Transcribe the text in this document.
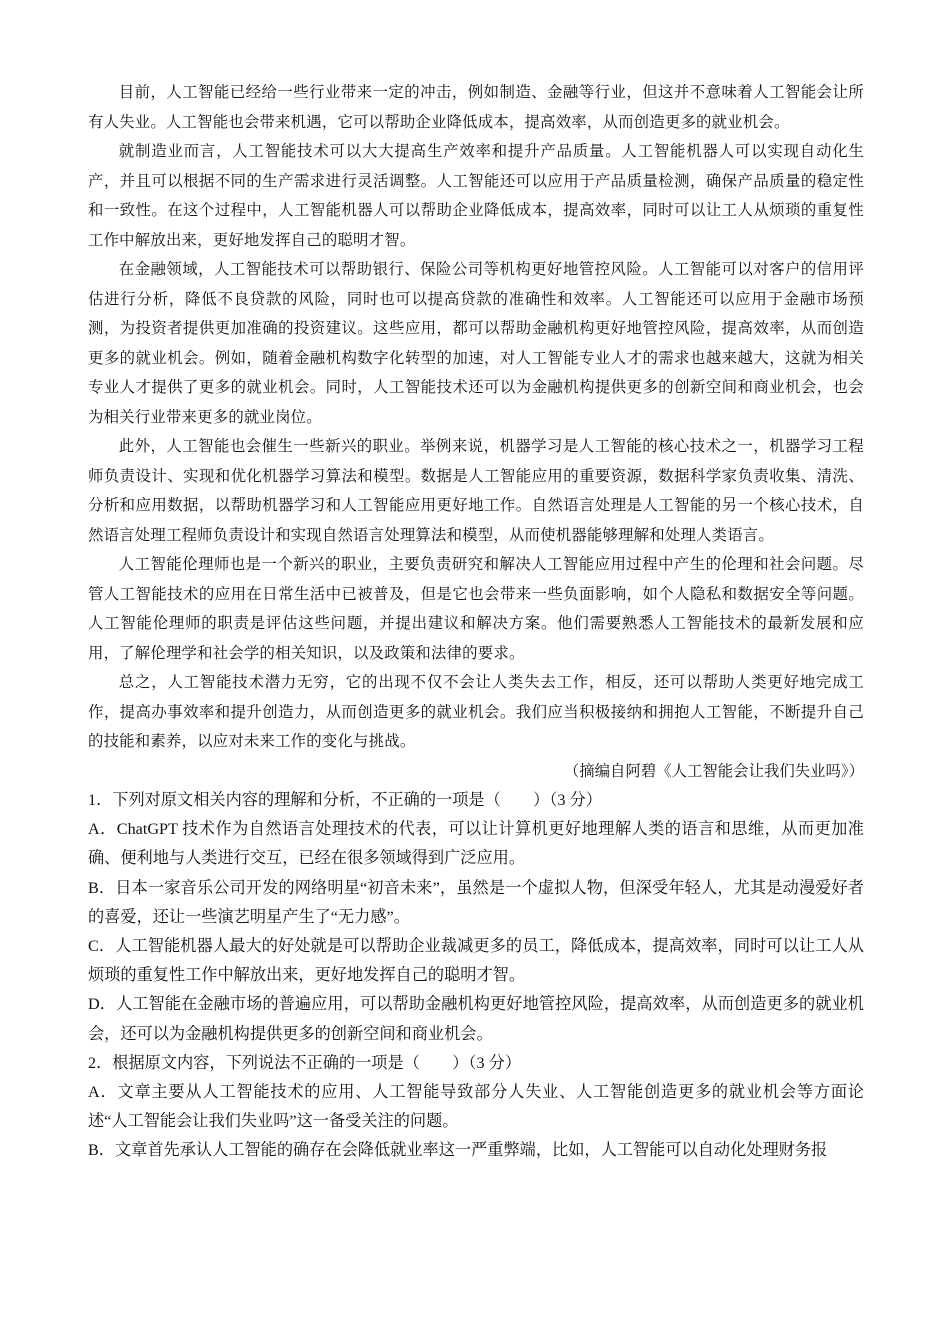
目前，人工智能已经给一些行业带来一定的冲击，例如制造、金融等行业，但这并不意味着人工智能会让所有人失业。人工智能也会带来机遇，它可以帮助企业降低成本，提高效率，从而创造更多的就业机会。

就制造业而言，人工智能技术可以大大提高生产效率和提升产品质量。人工智能机器人可以实现自动化生产，并且可以根据不同的生产需求进行灵活调整。人工智能还可以应用于产品质量检测，确保产品质量的稳定性和一致性。在这个过程中，人工智能机器人可以帮助企业降低成本，提高效率，同时可以让工人从烦琐的重复性工作中解放出来，更好地发挥自己的聪明才智。

在金融领域，人工智能技术可以帮助银行、保险公司等机构更好地管控风险。人工智能可以对客户的信用评估进行分析，降低不良贷款的风险，同时也可以提高贷款的准确性和效率。人工智能还可以应用于金融市场预测，为投资者提供更加准确的投资建议。这些应用，都可以帮助金融机构更好地管控风险，提高效率，从而创造更多的就业机会。例如，随着金融机构数字化转型的加速，对人工智能专业人才的需求也越来越大，这就为相关专业人才提供了更多的就业机会。同时，人工智能技术还可以为金融机构提供更多的创新空间和商业机会，也会为相关行业带来更多的就业岗位。

此外，人工智能也会催生一些新兴的职业。举例来说，机器学习是人工智能的核心技术之一，机器学习工程师负责设计、实现和优化机器学习算法和模型。数据是人工智能应用的重要资源，数据科学家负责收集、清洗、分析和应用数据，以帮助机器学习和人工智能应用更好地工作。自然语言处理是人工智能的另一个核心技术，自然语言处理工程师负责设计和实现自然语言处理算法和模型，从而使机器能够理解和处理人类语言。

人工智能伦理师也是一个新兴的职业，主要负责研究和解决人工智能应用过程中产生的伦理和社会问题。尽管人工智能技术的应用在日常生活中已被普及，但是它也会带来一些负面影响，如个人隐私和数据安全等问题。人工智能伦理师的职责是评估这些问题，并提出建议和解决方案。他们需要熟悉人工智能技术的最新发展和应用，了解伦理学和社会学的相关知识，以及政策和法律的要求。

总之，人工智能技术潜力无穷，它的出现不仅不会让人类失去工作，相反，还可以帮助人类更好地完成工作，提高办事效率和提升创造力，从而创造更多的就业机会。我们应当积极接纳和拥抱人工智能，不断提升自己的技能和素养，以应对未来工作的变化与挑战。

（摘编自阿碧《人工智能会让我们失业吗》）

1．下列对原文相关内容的理解和分析，不正确的一项是（　　）（3 分）

A．ChatGPT 技术作为自然语言处理技术的代表，可以让计算机更好地理解人类的语言和思维，从而更加准确、便利地与人类进行交互，已经在很多领域得到广泛应用。

B．日本一家音乐公司开发的网络明星“初音未来”，虽然是一个虚拟人物，但深受年轻人，尤其是动漫爱好者的喜爱，还让一些演艺明星产生了“无力感”。

C．人工智能机器人最大的好处就是可以帮助企业裁减更多的员工，降低成本，提高效率，同时可以让工人从烦琐的重复性工作中解放出来，更好地发挥自己的聪明才智。

D．人工智能在金融市场的普遍应用，可以帮助金融机构更好地管控风险，提高效率，从而创造更多的就业机会，还可以为金融机构提供更多的创新空间和商业机会。

2．根据原文内容，下列说法不正确的一项是（　　）（3 分）

A．文章主要从人工智能技术的应用、人工智能导致部分人失业、人工智能创造更多的就业机会等方面论述“人工智能会让我们失业吗”这一备受关注的问题。

B．文章首先承认人工智能的确存在会降低就业率这一严重弊端，比如，人工智能可以自动化处理财务报
